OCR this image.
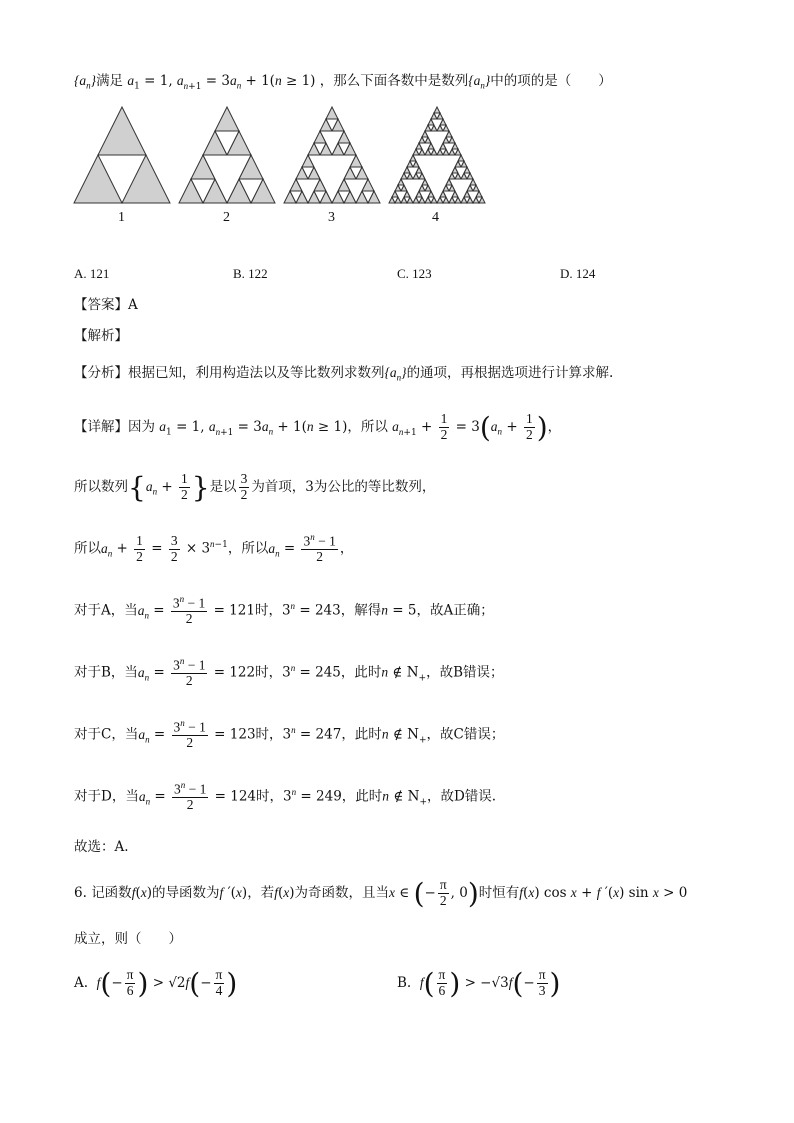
$\{a_n\}$满足 $a_1 = 1$, $a_{n+1} = 3a_n + 1(n \ge 1)$ ，那么下面各数中是数列$\{a_n\}$中的项的是（　　）
1	2	3	4
A. 121	B. 122	C. 123	D. 124
【答案】A
【解析】
【分析】根据已知，利用构造法以及等比数列求数列$\{a_n\}$的通项，再根据选项进行计算求解.
【详解】因为 $a_1 = 1$, $a_{n+1} = 3a_n + 1(n \ge 1)$，所以 $a_{n+1} + \frac{1}{2} = 3(a_n + \frac{1}{2}$ )，
所以数列{$a_n + \frac{1}{2}$ }是以 $\frac{3}{2}$ 为首项，3为公比的等比数列，
所以$a_n + \frac{1}{2} = \frac{3}{2} \times 3^{n-1}$，所以$a_n = \frac{3^n - 1}{2}$ ，
对于A，当$a_n = \frac{3^n - 1}{2} = 121$时，$3^n = 243$，解得n = 5，故A正确；
对于B，当$a_n = \frac{3^n - 1}{2} = 122$时，$3^n = 245$，此时n ∉ $N_+$，故B错误；
对于C，当$a_n = \frac{3^n - 1}{2} = 123$时，$3^n = 247$，此时n ∉ $N_+$，故C错误；
对于D，当$a_n = \frac{3^n - 1}{2} = 124$时，$3^n = 249$，此时n ∉ $N_+$，故D错误.
故选：A.
6. 记函数f(x)的导函数为f ′(x)，若f(x)为奇函数，且当x ∈ (− $\frac{\pi}{2}$ , 0)时恒有f(x) cos x + f ′(x) sin x > 0
成立，则（　　）
A. $f(- \frac{\pi}{6}$ ) > $√2f(- \frac{\pi}{4}$ )	B. $f( \frac{\pi}{6}$ ) > $-√3f(- \frac{\pi}{3}$ )
